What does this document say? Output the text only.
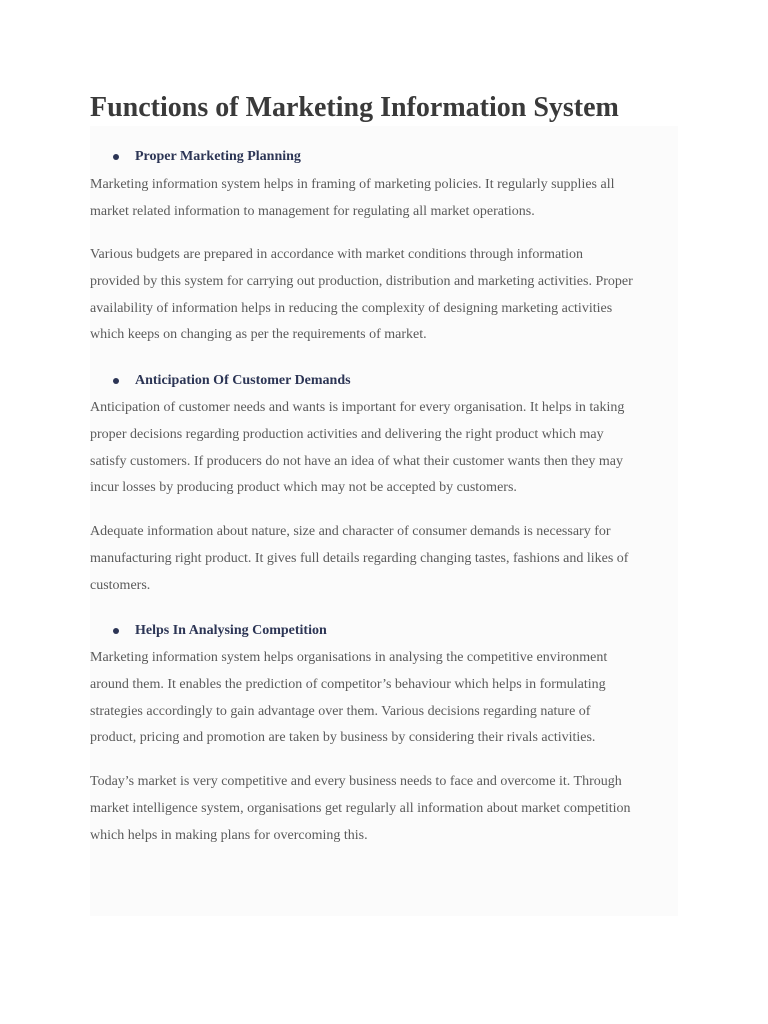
Functions of Marketing Information System
Proper Marketing Planning

Marketing information system helps in framing of marketing policies. It regularly supplies all
market related information to management for regulating all market operations.

Various budgets are prepared in accordance with market conditions through information
provided by this system for carrying out production, distribution and marketing activities. Proper
availability of information helps in reducing the complexity of designing marketing activities
which keeps on changing as per the requirements of market.

Anticipation Of Customer Demands

Anticipation of customer needs and wants is important for every organisation. It helps in taking
proper decisions regarding production activities and delivering the right product which may
satisfy customers. If producers do not have an idea of what their customer wants then they may
incur losses by producing product which may not be accepted by customers.

Adequate information about nature, size and character of consumer demands is necessary for
manufacturing right product. It gives full details regarding changing tastes, fashions and likes of
customers.

Helps In Analysing Competition

Marketing information system helps organisations in analysing the competitive environment
around them. It enables the prediction of competitor’s behaviour which helps in formulating
strategies accordingly to gain advantage over them. Various decisions regarding nature of
product, pricing and promotion are taken by business by considering their rivals activities.

Today’s market is very competitive and every business needs to face and overcome it. Through
market intelligence system, organisations get regularly all information about market competition
which helps in making plans for overcoming this.
